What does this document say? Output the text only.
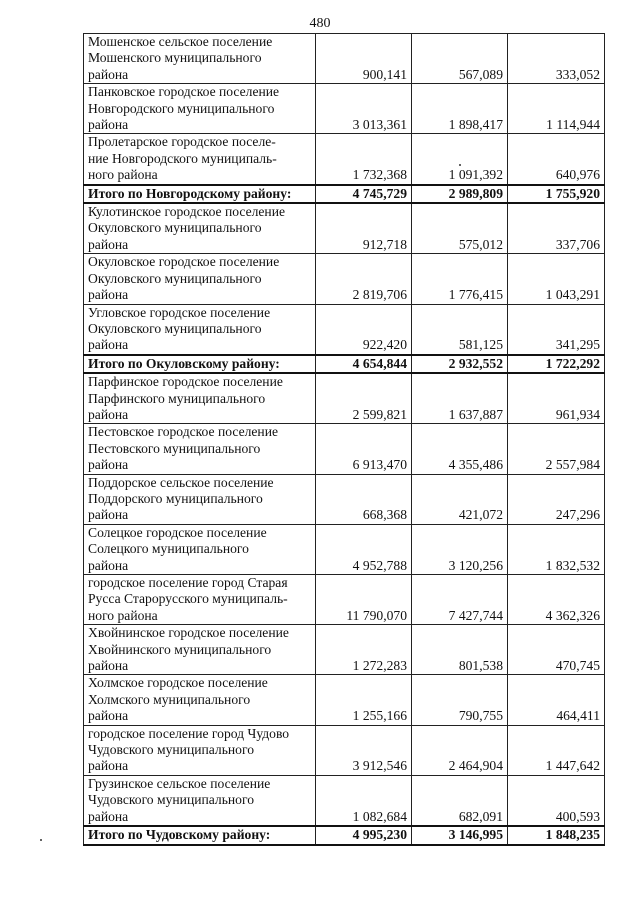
480
Мошенское сельское поселение
Мошенского муниципального
района	900,141	567,089	333,052
Панковское городское поселение
Новгородского муниципального
района	3 013,361	1 898,417	1 114,944
Пролетарское городское поселе-
ние Новгородского муниципаль-
ного района	1 732,368	1 091,392	640,976
Итого по Новгородскому району:	4 745,729	2 989,809	1 755,920
Кулотинское городское поселение
Окуловского муниципального
района	912,718	575,012	337,706
Окуловское городское поселение
Окуловского муниципального
района	2 819,706	1 776,415	1 043,291
Угловское городское поселение
Окуловского муниципального
района	922,420	581,125	341,295
Итого по Окуловскому району:	4 654,844	2 932,552	1 722,292
Парфинское городское поселение
Парфинского муниципального
района	2 599,821	1 637,887	961,934
Пестовское городское поселение
Пестовского муниципального
района	6 913,470	4 355,486	2 557,984
Поддорское сельское поселение
Поддорского муниципального
района	668,368	421,072	247,296
Солецкое городское поселение
Солецкого муниципального
района	4 952,788	3 120,256	1 832,532
городское поселение город Старая
Русса Старорусского муниципаль-
ного района	11 790,070	7 427,744	4 362,326
Хвойнинское городское поселение
Хвойнинского муниципального
района	1 272,283	801,538	470,745
Холмское городское поселение
Холмского муниципального
района	1 255,166	790,755	464,411
городское поселение город Чудово
Чудовского муниципального
района	3 912,546	2 464,904	1 447,642
Грузинское сельское поселение
Чудовского муниципального
района	1 082,684	682,091	400,593
Итого по Чудовскому району:	4 995,230	3 146,995	1 848,235
